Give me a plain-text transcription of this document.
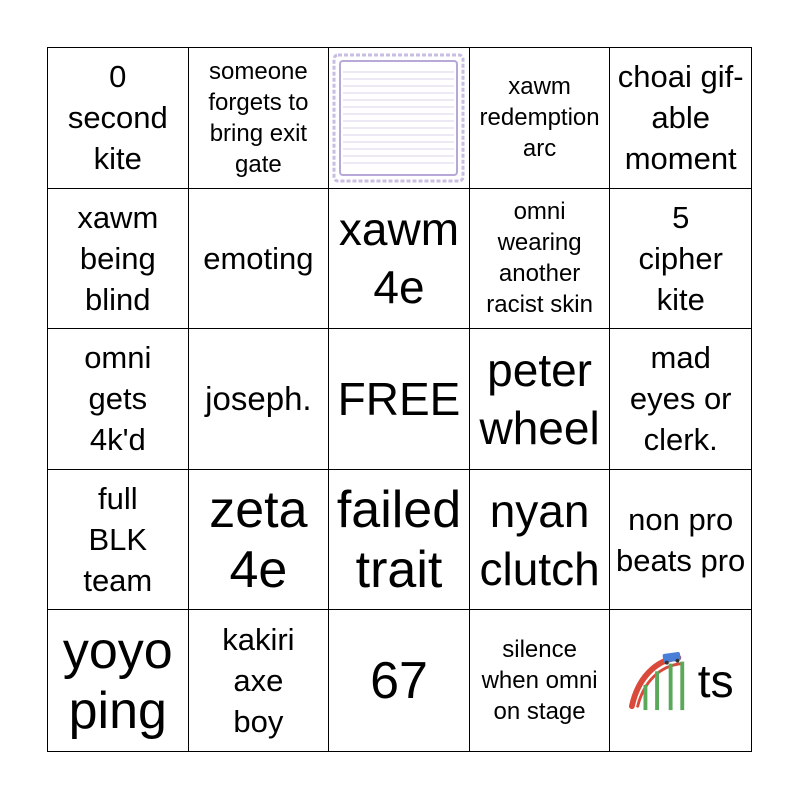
0 second kite
someone forgets to bring exit gate
xawm redemption arc
choai gif-able moment
xawm being blind
emoting
xawm 4e
omni wearing another racist skin
5 cipher kite
omni gets 4k'd
joseph. FREE
peter wheel
mad eyes or clerk.
full BLK team
zeta 4e
failed trait
nyan clutch
non pro beats pro
yoyo ping
kakiri axe boy
67
silence when omni on stage
ts
